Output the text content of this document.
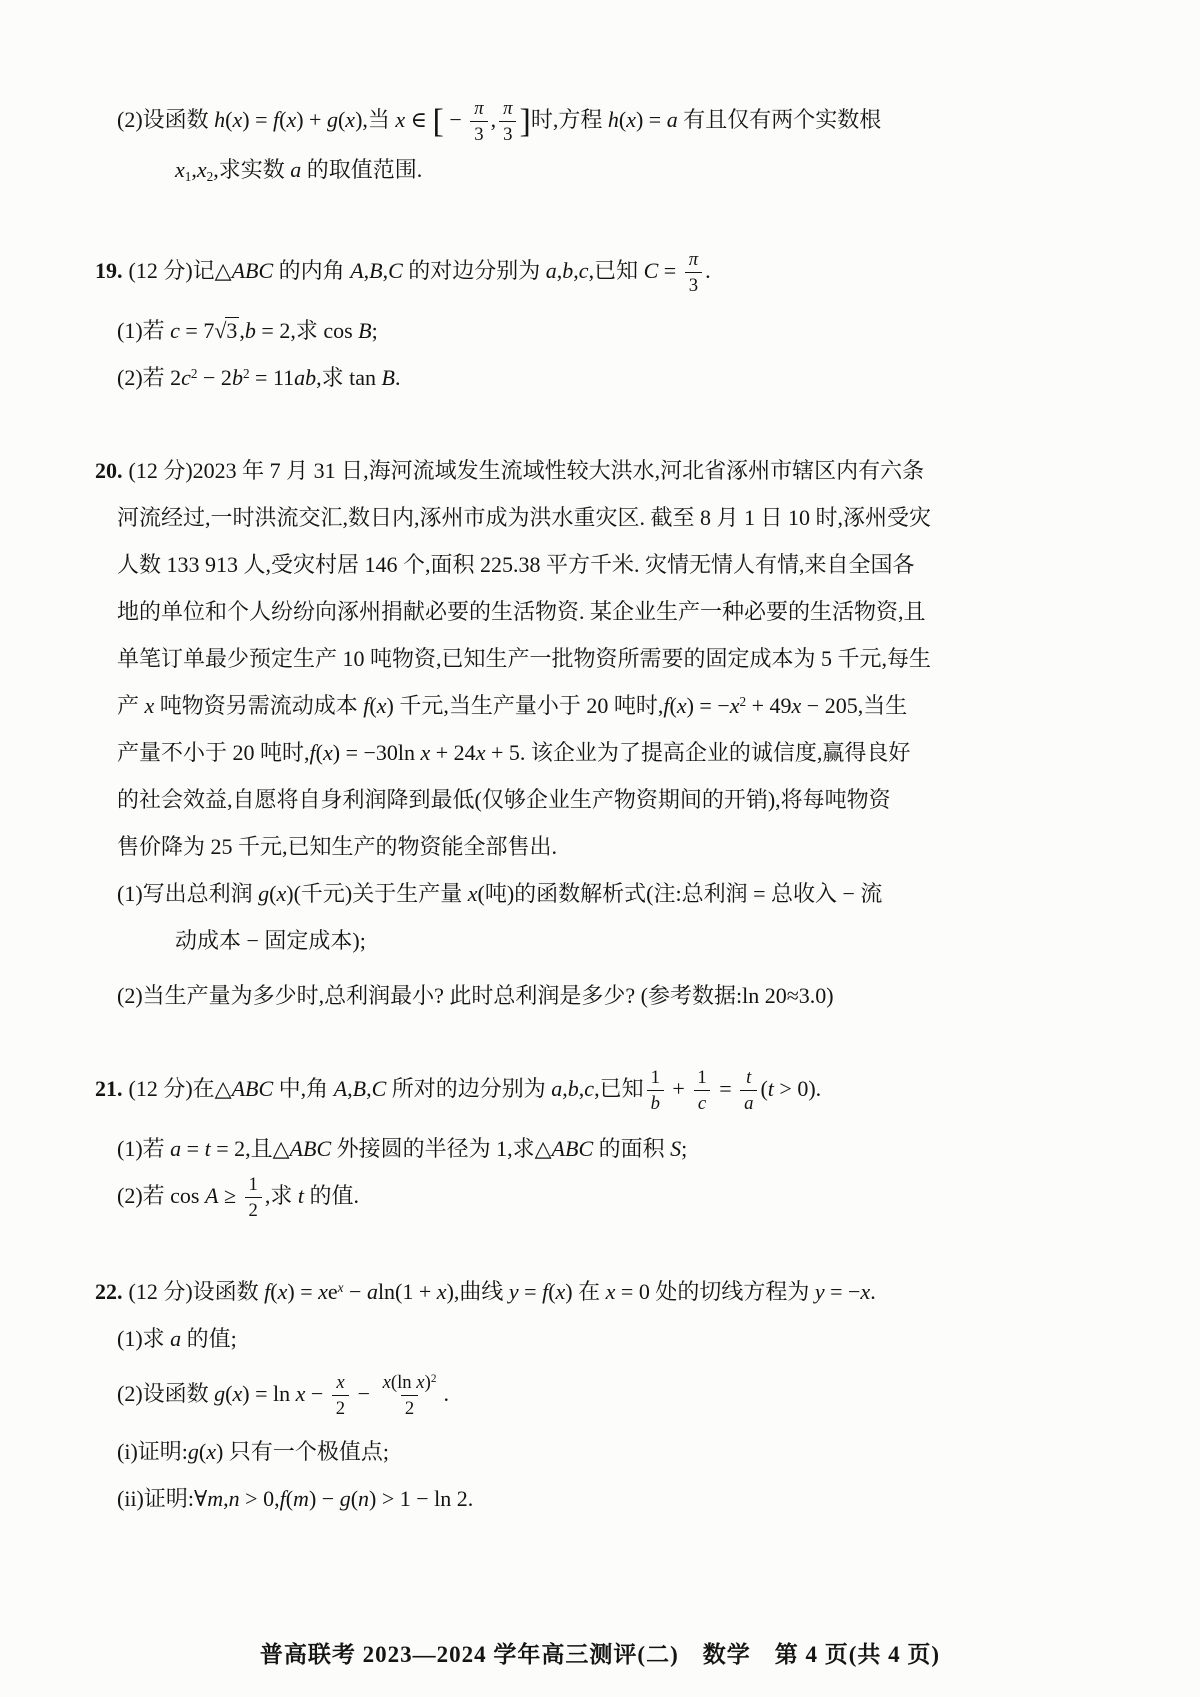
(2)设函数 h(x) = f(x) + g(x),当 x ∈ [ − $\frac{\pi}{3}$ , $\frac{\pi}{3}$ ]时,方程 h(x) = a 有且仅有两个实数根
$x_1,x_2$,求实数 a 的取值范围.
19. (12 分)记△ABC 的内角 A,B,C 的对边分别为 a,b,c,已知 $C = \frac{\pi}{3}$ .
(1)若 c = 7√3,b = 2,求 cos B;
(2)若 $2c^2 - 2b^2 = 11ab$,求 tan B.
20. (12 分)2023 年 7 月 31 日,海河流域发生流域性较大洪水,河北省涿州市辖区内有六条
河流经过,一时洪流交汇,数日内,涿州市成为洪水重灾区. 截至 8 月 1 日 10 时,涿州受灾
人数 133 913 人,受灾村居 146 个,面积 225.38 平方千米. 灾情无情人有情,来自全国各
地的单位和个人纷纷向涿州捐献必要的生活物资. 某企业生产一种必要的生活物资,且
单笔订单最少预定生产 10 吨物资,已知生产一批物资所需要的固定成本为 5 千元,每生
产 x 吨物资另需流动成本 f(x) 千元,当生产量小于 20 吨时$,f(x) = -x^2 + 49x - 205$,当生
产量不小于 20 吨时,f(x) = −30ln x + 24x + 5. 该企业为了提高企业的诚信度,赢得良好
的社会效益,自愿将自身利润降到最低(仅够企业生产物资期间的开销),将每吨物资
售价降为 25 千元,已知生产的物资能全部售出.
(1)写出总利润 g(x)(千元)关于生产量 x(吨)的函数解析式(注:总利润 = 总收入 − 流
动成本 − 固定成本);
(2)当生产量为多少时,总利润最小? 此时总利润是多少? (参考数据:ln 20≈3.0)
21. (12 分)在△ABC 中,角 A,B,C 所对的边分别为 a,b,c,已知 $\frac{1}{b} + \frac{1}{c} = \frac{t}{a} (t > 0)$.
(1)若 a = t = 2,且△ABC 外接圆的半径为 1,求△ABC 的面积 S;
(2)若 $\cos A \ge \frac{1}{2}$ ,求 t 的值.
22. (12 分)设函数 $f(x) = xe^x - aln(1 + x)$,曲线 y = f(x) 在 x = 0 处的切线方程为 y = −x.
(1)求 a 的值;
(2)设函数 $g(x) = \ln x - \frac{x}{2} - \frac{x(\ln x)^2}{2}$ .
(i)证明:g(x) 只有一个极值点;
(ii)证明:∀m,n > 0,f(m) − g(n) > 1 − ln 2.
普高联考 2023—2024 学年高三测评(二)　数学　第 4 页(共 4 页)
